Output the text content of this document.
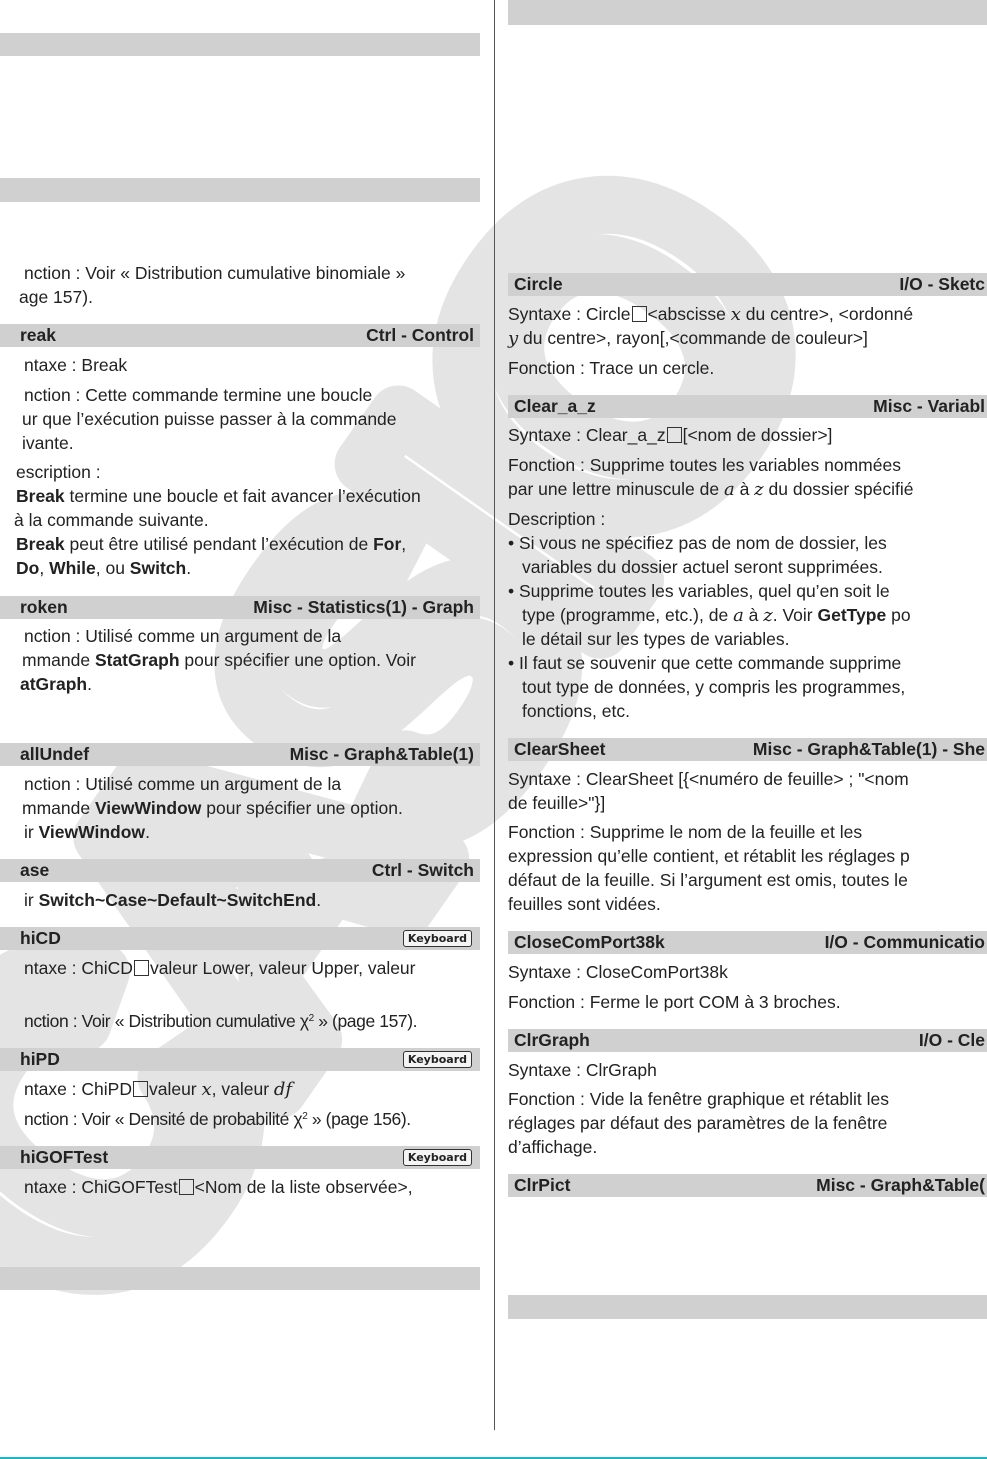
nction : Voir « Distribution cumulative binomiale »
age 157).
reak	Ctrl - Control
ntaxe : Break
nction : Cette commande termine une boucle
ur que l’exécution puisse passer à la commande
ivante.
escription :
Break termine une boucle et fait avancer l’exécution
à la commande suivante.
Break peut être utilisé pendant l’exécution de For,
Do, While, ou Switch.
roken	Misc - Statistics(1) - Graph
nction : Utilisé comme un argument de la
mmande StatGraph pour spécifier une option. Voir
atGraph.
allUndef	Misc - Graph&Table(1)
nction : Utilisé comme un argument de la
mmande ViewWindow pour spécifier une option.
ir ViewWindow.
ase	Ctrl - Switch
ir Switch~Case~Default~SwitchEnd.
hiCD	Keyboard
ntaxe : ChiCD valeur Lower, valeur Upper, valeur
nction : Voir « Distribution cumulative $\chi^2$ » (page 157).
hiPD	Keyboard
ntaxe : ChiPD valeur x, valeur df
nction : Voir « Densité de probabilité $\chi^2$ » (page 156).
hiGOFTest	Keyboard
ntaxe : ChiGOFTest <Nom de la liste observée>,
Circle	I/O - Sketc
Syntaxe : Circle <abscisse x du centre>, <ordonné
y du centre>, rayon[,<commande de couleur>]
Fonction : Trace un cercle.
Clear_a_z	Misc - Variabl
Syntaxe : Clear_a_z [<nom de dossier>]
Fonction : Supprime toutes les variables nommées
par une lettre minuscule de a à z du dossier spécifié
Description :
• Si vous ne spécifiez pas de nom de dossier, les
variables du dossier actuel seront supprimées.
• Supprime toutes les variables, quel qu’en soit le
type (programme, etc.), de a à z. Voir GetType po
le détail sur les types de variables.
• Il faut se souvenir que cette commande supprime
tout type de données, y compris les programmes,
fonctions, etc.
ClearSheet	Misc - Graph&Table(1) - She
Syntaxe : ClearSheet [{<numéro de feuille> ; "<nom
de feuille>"}]
Fonction : Supprime le nom de la feuille et les
expression qu’elle contient, et rétablit les réglages p
défaut de la feuille. Si l’argument est omis, toutes le
feuilles sont vidées.
CloseComPort38k	I/O - Communicatio
Syntaxe : CloseComPort38k
Fonction : Ferme le port COM à 3 broches.
ClrGraph	I/O - Cle
Syntaxe : ClrGraph
Fonction : Vide la fenêtre graphique et rétablit les
réglages par défaut des paramètres de la fenêtre
d’affichage.
ClrPict	Misc - Graph&Table(
